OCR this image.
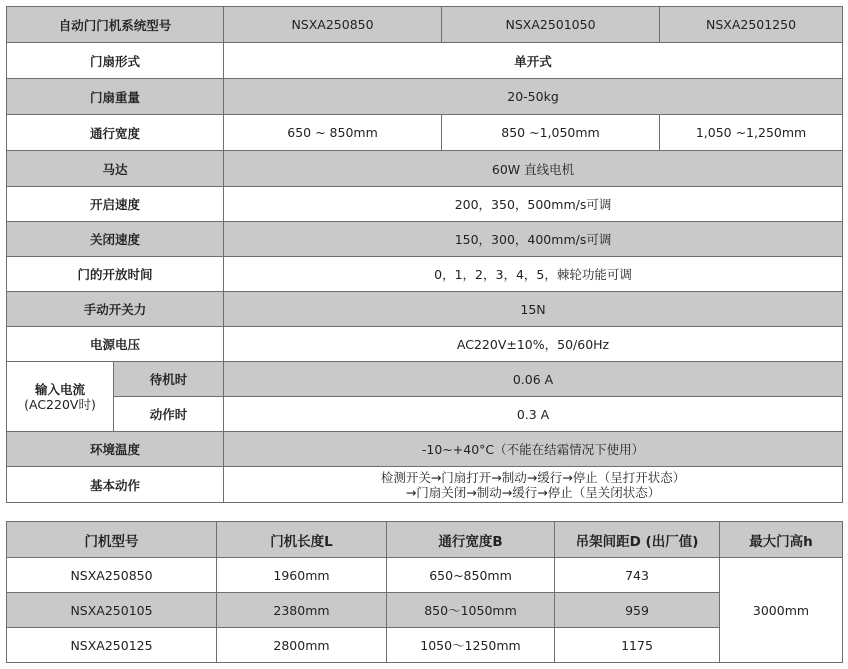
自动门门机系统型号		NSXA250850	NSXA2501050	NSXA2501250
门扇形式		单开式		
门扇重量		20-50kg		
通行宽度		650 ~ 850mm	850 ~1,050mm	1,050 ~1,250mm
马达		60W 直线电机		
开启速度		200，350，500mm/s可调		
关闭速度		150，300，400mm/s可调		
门的开放时间		0，1，2，3，4，5，棘轮功能可调		
手动开关力		15N		
电源电压		AC220V±10%，50/60Hz		

输入电流
(AC220V时)	待机时	0.06 A		
	动作时	0.3 A		
环境温度		-10~+40°C（不能在结霜情况下使用）		
基本动作		检测开关→门扇打开→制动→缓行→停止（呈打开状态）
→门扇关闭→制动→缓行→停止（呈关闭状态）		
门机型号	门机长度L	通行宽度B	吊架间距D (出厂值)	最大门高h
NSXA250850	1960mm	650~850mm	743	3000mm
NSXA250105	2380mm	850～1050mm	959	
NSXA250125	2800mm	1050～1250mm	1175	
